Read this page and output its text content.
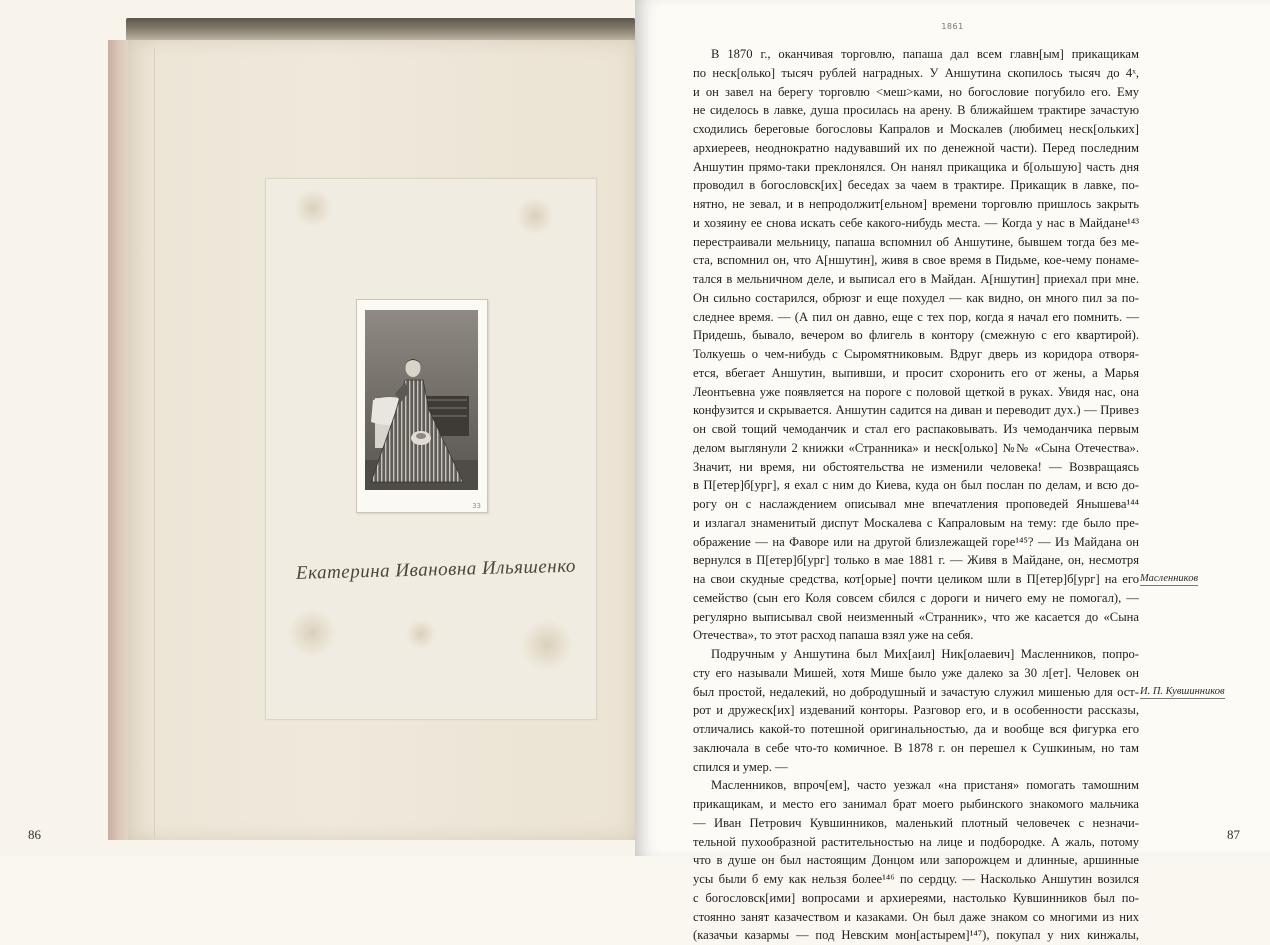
33
Екатерина Ивановна Ильяшенко
86
1861
В 1870 г., оканчивая торговлю, папаша дал всем главн[ым] прикащикам
по неск[олько] тысяч рублей наградных. У Аншутина скопилось тысяч до 4ˣ,
и он завел на берегу торговлю <меш>ками, но богословие погубило его. Ему
не сиделось в лавке, душа просилась на арену. В ближайшем трактире зачастую
сходились береговые богословы Капралов и Москалев (любимец неск[ольких]
архиереев, неоднократно надувавший их по денежной части). Перед последним
Аншутин прямо-таки преклонялся. Он нанял прикащика и б[ольшую] часть дня
проводил в богословск[их] беседах за чаем в трактире. Прикащик в лавке, по-
нятно, не зевал, и в непродолжит[ельном] времени торговлю пришлось закрыть
и хозяину ее снова искать себе какого-нибудь места. — Когда у нас в Майдане¹⁴³
перестраивали мельницу, папаша вспомнил об Аншутине, бывшем тогда без ме-
ста, вспомнил он, что А[ншутин], живя в свое время в Пидьме, кое-чему понаме-
тался в мельничном деле, и выписал его в Майдан. А[ншутин] приехал при мне.
Он сильно состарился, обрюзг и еще похудел — как видно, он много пил за по-
следнее время. — (А пил он давно, еще с тех пор, когда я начал его помнить. —
Придешь, бывало, вечером во флигель в контору (смежную с его квартирой).
Толкуешь о чем-нибудь с Сыромятниковым. Вдруг дверь из коридора отворя-
ется, вбегает Аншутин, выпивши, и просит схоронить его от жены, а Марья
Леонтьевна уже появляется на пороге с половой щеткой в руках. Увидя нас, она
конфузится и скрывается. Аншутин садится на диван и переводит дух.) — Привез
он свой тощий чемоданчик и стал его распаковывать. Из чемоданчика первым
делом выглянули 2 книжки «Странника» и неск[олько] №№ «Сына Отечества».
Значит, ни время, ни обстоятельства не изменили человека! — Возвращаясь
в П[етер]б[ург], я ехал с ним до Киева, куда он был послан по делам, и всю до-
рогу он с наслаждением описывал мне впечатления проповедей Янышева¹⁴⁴
и излагал знаменитый диспут Москалева с Капраловым на тему: где было пре-
ображение — на Фаворе или на другой близлежащей горе¹⁴⁵? — Из Майдана он
вернулся в П[етер]б[ург] только в мае 1881 г. — Живя в Майдане, он, несмотря
на свои скудные средства, кот[орые] почти целиком шли в П[етер]б[ург] на его
семейство (сын его Коля совсем сбился с дороги и ничего ему не помогал), —
регулярно выписывал свой неизменный «Странник», что же касается до «Сына
Отечества», то этот расход папаша взял уже на себя.
Подручным у Аншутина был Мих[аил] Ник[олаевич] Масленников, попро-
сту его называли Мишей, хотя Мише было уже далеко за 30 л[ет]. Человек он
был простой, недалекий, но добродушный и зачастую служил мишенью для ост-
рот и дружеск[их] издеваний конторы. Разговор его, и в особенности рассказы,
отличались какой-то потешной оригинальностью, да и вообще вся фигурка его
заключала в себе что-то комичное. В 1878 г. он перешел к Сушкиным, но там
спился и умер. —
Масленников, впроч[ем], часто уезжал «на пристаня» помогать тамошним
прикащикам, и место его занимал брат моего рыбинского знакомого мальчика
— Иван Петрович Кувшинников, маленький плотный человечек с незначи-
тельной пухообразной растительностью на лице и подбородке. А жаль, потому
что в душе он был настоящим Донцом или запорожцем и длинные, аршинные
усы были б ему как нельзя более¹⁴⁶ по сердцу. — Насколько Аншутин возился
с богословск[ими] вопросами и архиереями, настолько Кувшинников был по-
стоянно занят казачеством и казаками. Он был даже знаком со многими из них
(казачьи казармы — под Невским мон[астырем]¹⁴⁷), покупал у них кинжалы,
87
Масленников
И. П. Кувшинников
